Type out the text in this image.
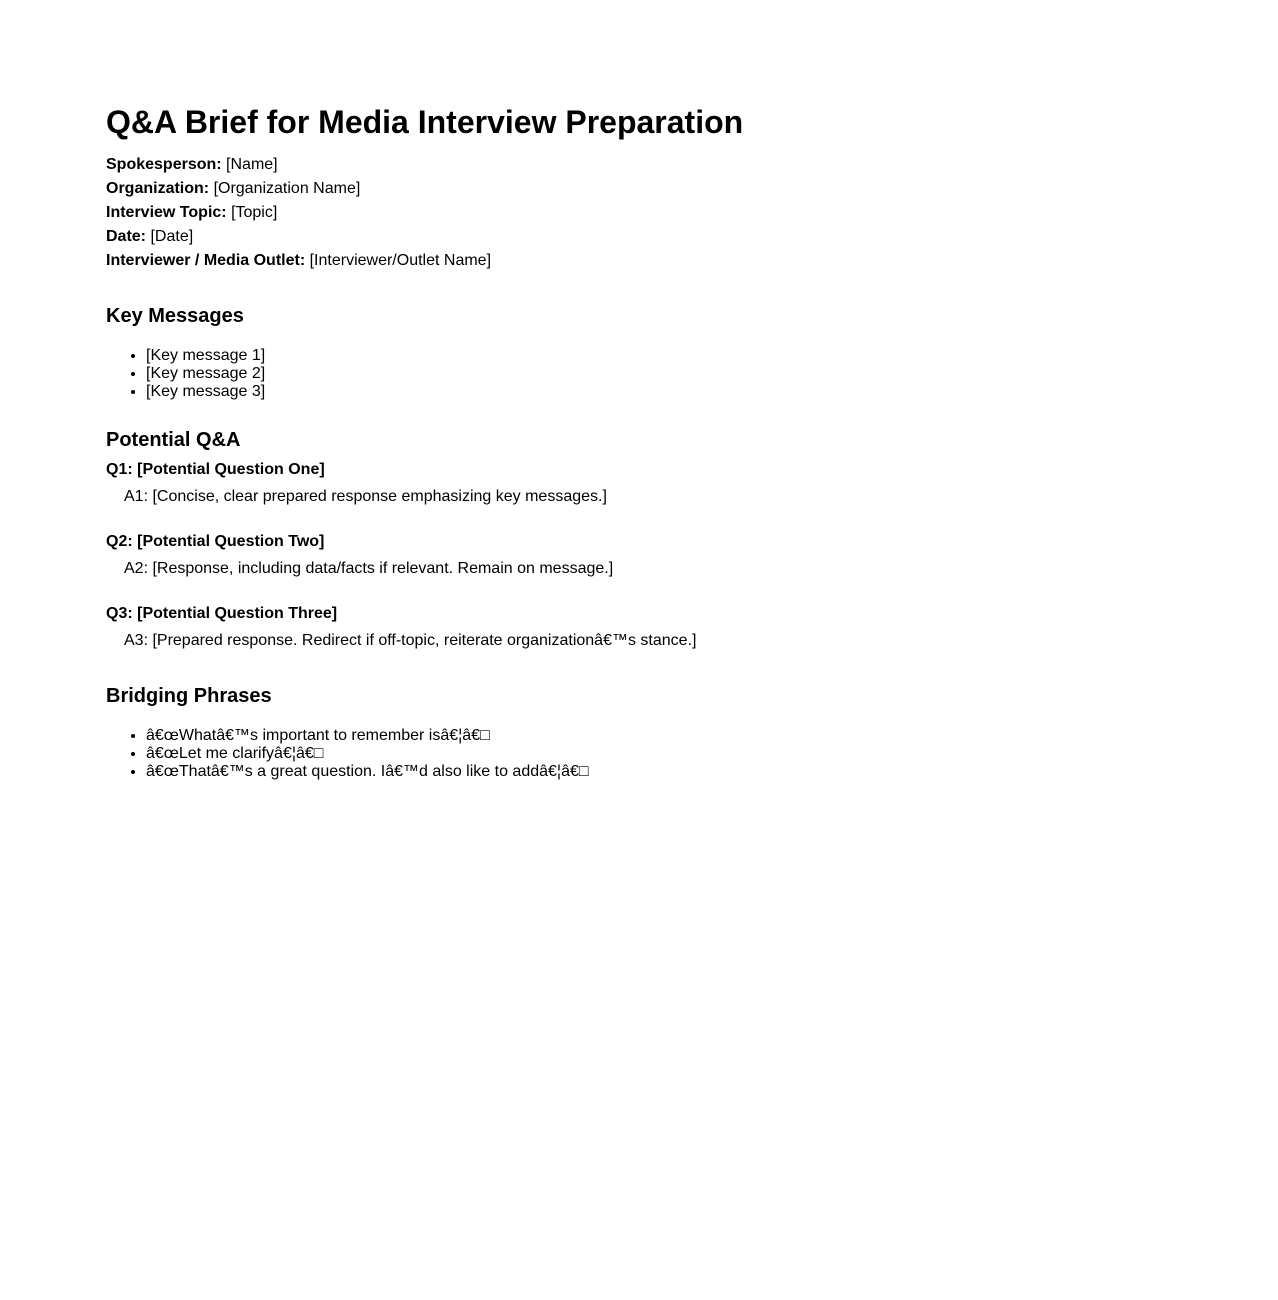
Q&A Brief for Media Interview Preparation
Spokesperson: [Name]
Organization: [Organization Name]
Interview Topic: [Topic]
Date: [Date]
Interviewer / Media Outlet: [Interviewer/Outlet Name]
Key Messages
• [Key message 1]
• [Key message 2]
• [Key message 3]
Potential Q&A
Q1: [Potential Question One]
A1: [Concise, clear prepared response emphasizing key messages.]
Q2: [Potential Question Two]
A2: [Response, including data/facts if relevant. Remain on message.]
Q3: [Potential Question Three]
A3: [Prepared response. Redirect if off-topic, reiterate organizationâ€™s stance.]
Bridging Phrases
• â€œWhatâ€™s important to remember isâ€¦â€□
• â€œLet me clarifyâ€¦â€□
• â€œThatâ€™s a great question. Iâ€™d also like to addâ€¦â€□
